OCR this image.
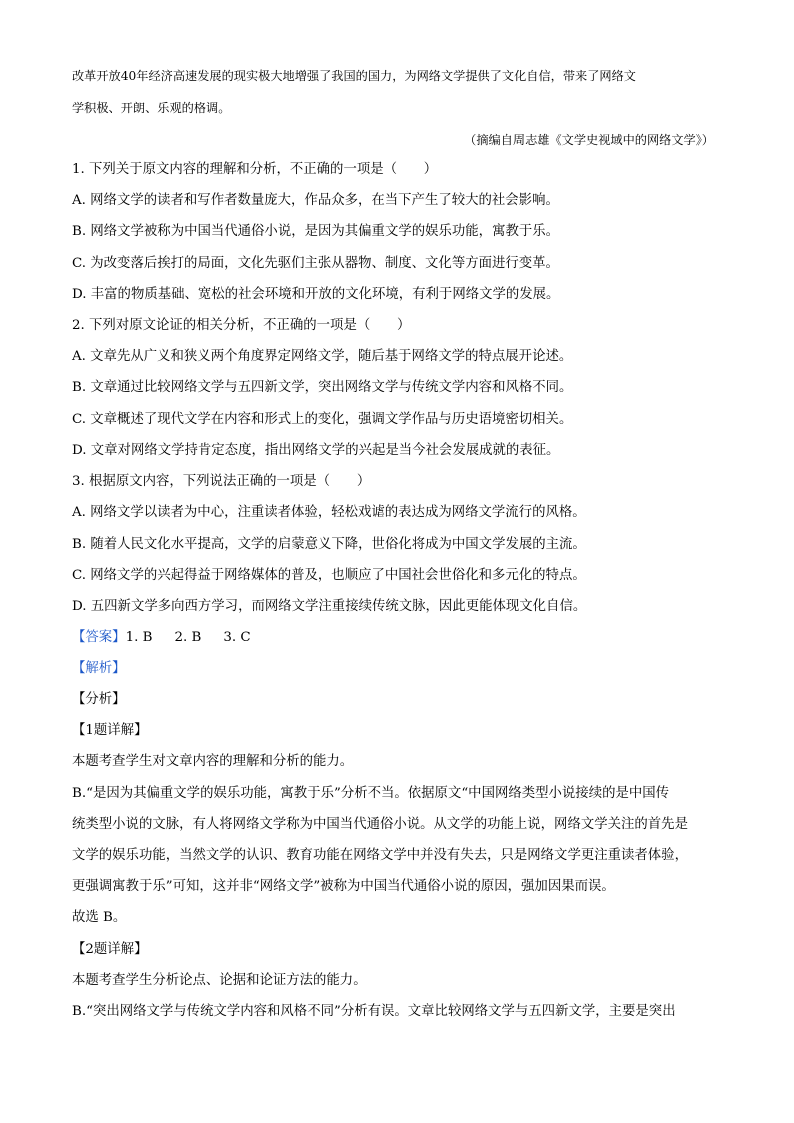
改革开放40年经济高速发展的现实极大地增强了我国的国力，为网络文学提供了文化自信，带来了网络文
学积极、开朗、乐观的格调。
（摘编自周志雄《文学史视域中的网络文学》）
1. 下列关于原文内容的理解和分析，不正确的一项是（　　）
A. 网络文学的读者和写作者数量庞大，作品众多，在当下产生了较大的社会影响。
B. 网络文学被称为中国当代通俗小说，是因为其偏重文学的娱乐功能，寓教于乐。
C. 为改变落后挨打的局面，文化先驱们主张从器物、制度、文化等方面进行变革。
D. 丰富的物质基础、宽松的社会环境和开放的文化环境，有利于网络文学的发展。
2. 下列对原文论证的相关分析，不正确的一项是（　　）
A. 文章先从广义和狭义两个角度界定网络文学，随后基于网络文学的特点展开论述。
B. 文章通过比较网络文学与五四新文学，突出网络文学与传统文学内容和风格不同。
C. 文章概述了现代文学在内容和形式上的变化，强调文学作品与历史语境密切相关。
D. 文章对网络文学持肯定态度，指出网络文学的兴起是当今社会发展成就的表征。
3. 根据原文内容，下列说法正确的一项是（　　）
A. 网络文学以读者为中心，注重读者体验，轻松戏谑的表达成为网络文学流行的风格。
B. 随着人民文化水平提高，文学的启蒙意义下降，世俗化将成为中国文学发展的主流。
C. 网络文学的兴起得益于网络媒体的普及，也顺应了中国社会世俗化和多元化的特点。
D. 五四新文学多向西方学习，而网络文学注重接续传统文脉，因此更能体现文化自信。
【答案】1. B 2. B 3. C
【解析】
【分析】
【1题详解】
本题考查学生对文章内容的理解和分析的能力。
B.“是因为其偏重文学的娱乐功能，寓教于乐”分析不当。依据原文“中国网络类型小说接续的是中国传
统类型小说的文脉，有人将网络文学称为中国当代通俗小说。从文学的功能上说，网络文学关注的首先是
文学的娱乐功能，当然文学的认识、教育功能在网络文学中并没有失去，只是网络文学更注重读者体验，
更强调寓教于乐”可知，这并非“网络文学”被称为中国当代通俗小说的原因，强加因果而误。
故选 B。
【2题详解】
本题考查学生分析论点、论据和论证方法的能力。
B.“突出网络文学与传统文学内容和风格不同”分析有误。文章比较网络文学与五四新文学，主要是突出
